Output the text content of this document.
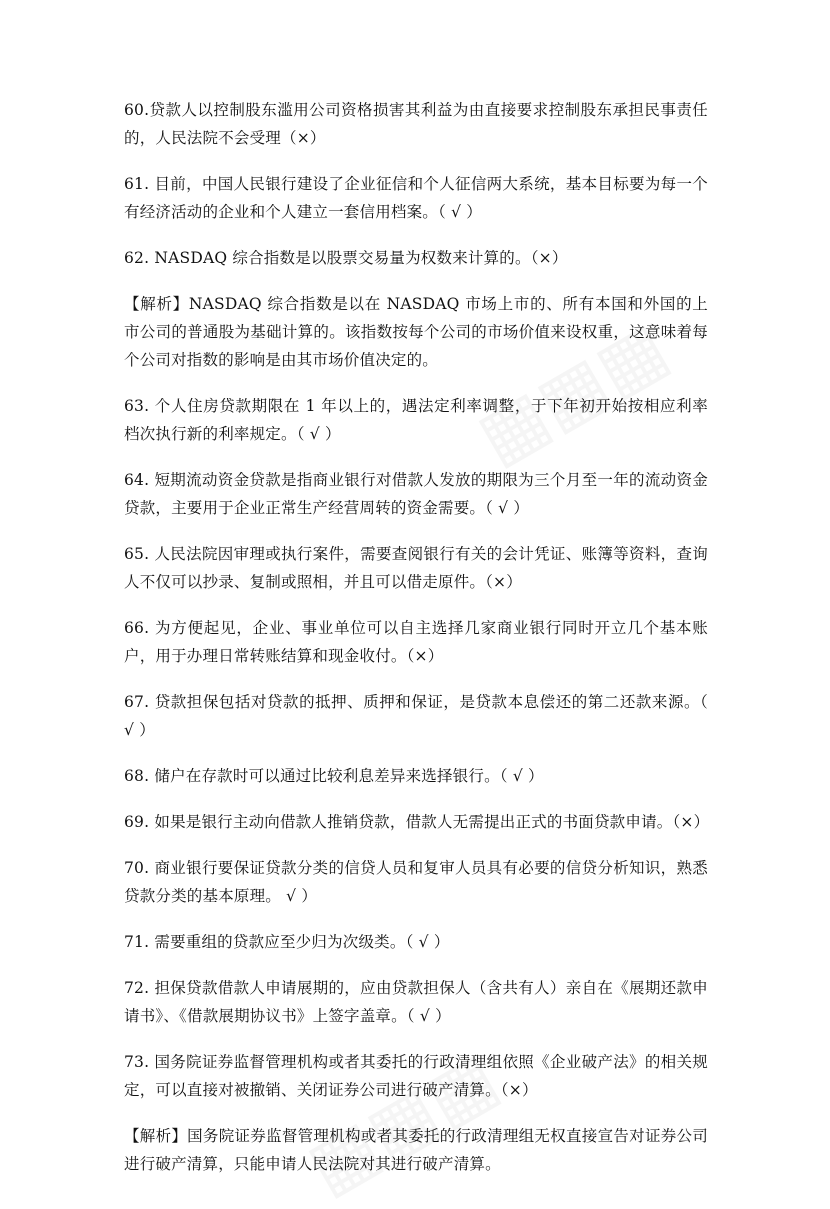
60.贷款人以控制股东滥用公司资格损害其利益为由直接要求控制股东承担民事责任的，人民法院不会受理（×）

61. 目前，中国人民银行建设了企业征信和个人征信两大系统，基本目标要为每一个有经济活动的企业和个人建立一套信用档案。（ √ ）

62. NASDAQ 综合指数是以股票交易量为权数来计算的。（×）

【解析】NASDAQ 综合指数是以在 NASDAQ 市场上市的、所有本国和外国的上市公司的普通股为基础计算的。该指数按每个公司的市场价值来设权重，这意味着每个公司对指数的影响是由其市场价值决定的。

63. 个人住房贷款期限在 1 年以上的，遇法定利率调整，于下年初开始按相应利率档次执行新的利率规定。（ √ ）

64. 短期流动资金贷款是指商业银行对借款人发放的期限为三个月至一年的流动资金贷款，主要用于企业正常生产经营周转的资金需要。（ √ ）

65. 人民法院因审理或执行案件，需要查阅银行有关的会计凭证、账簿等资料，查询人不仅可以抄录、复制或照相，并且可以借走原件。（×）

66. 为方便起见，企业、事业单位可以自主选择几家商业银行同时开立几个基本账户，用于办理日常转账结算和现金收付。（×）

67. 贷款担保包括对贷款的抵押、质押和保证，是贷款本息偿还的第二还款来源。（ √ ）

68. 储户在存款时可以通过比较利息差异来选择银行。（ √ ）

69. 如果是银行主动向借款人推销贷款，借款人无需提出正式的书面贷款申请。（×）

70. 商业银行要保证贷款分类的信贷人员和复审人员具有必要的信贷分析知识，熟悉贷款分类的基本原理。 √ ）

71. 需要重组的贷款应至少归为次级类。（ √ ）

72. 担保贷款借款人申请展期的，应由贷款担保人（含共有人）亲自在《展期还款申请书》、《借款展期协议书》上签字盖章。（ √ ）

73. 国务院证券监督管理机构或者其委托的行政清理组依照《企业破产法》的相关规定，可以直接对被撤销、关闭证券公司进行破产清算。（×）

【解析】国务院证券监督管理机构或者其委托的行政清理组无权直接宣告对证券公司进行破产清算，只能申请人民法院对其进行破产清算。
